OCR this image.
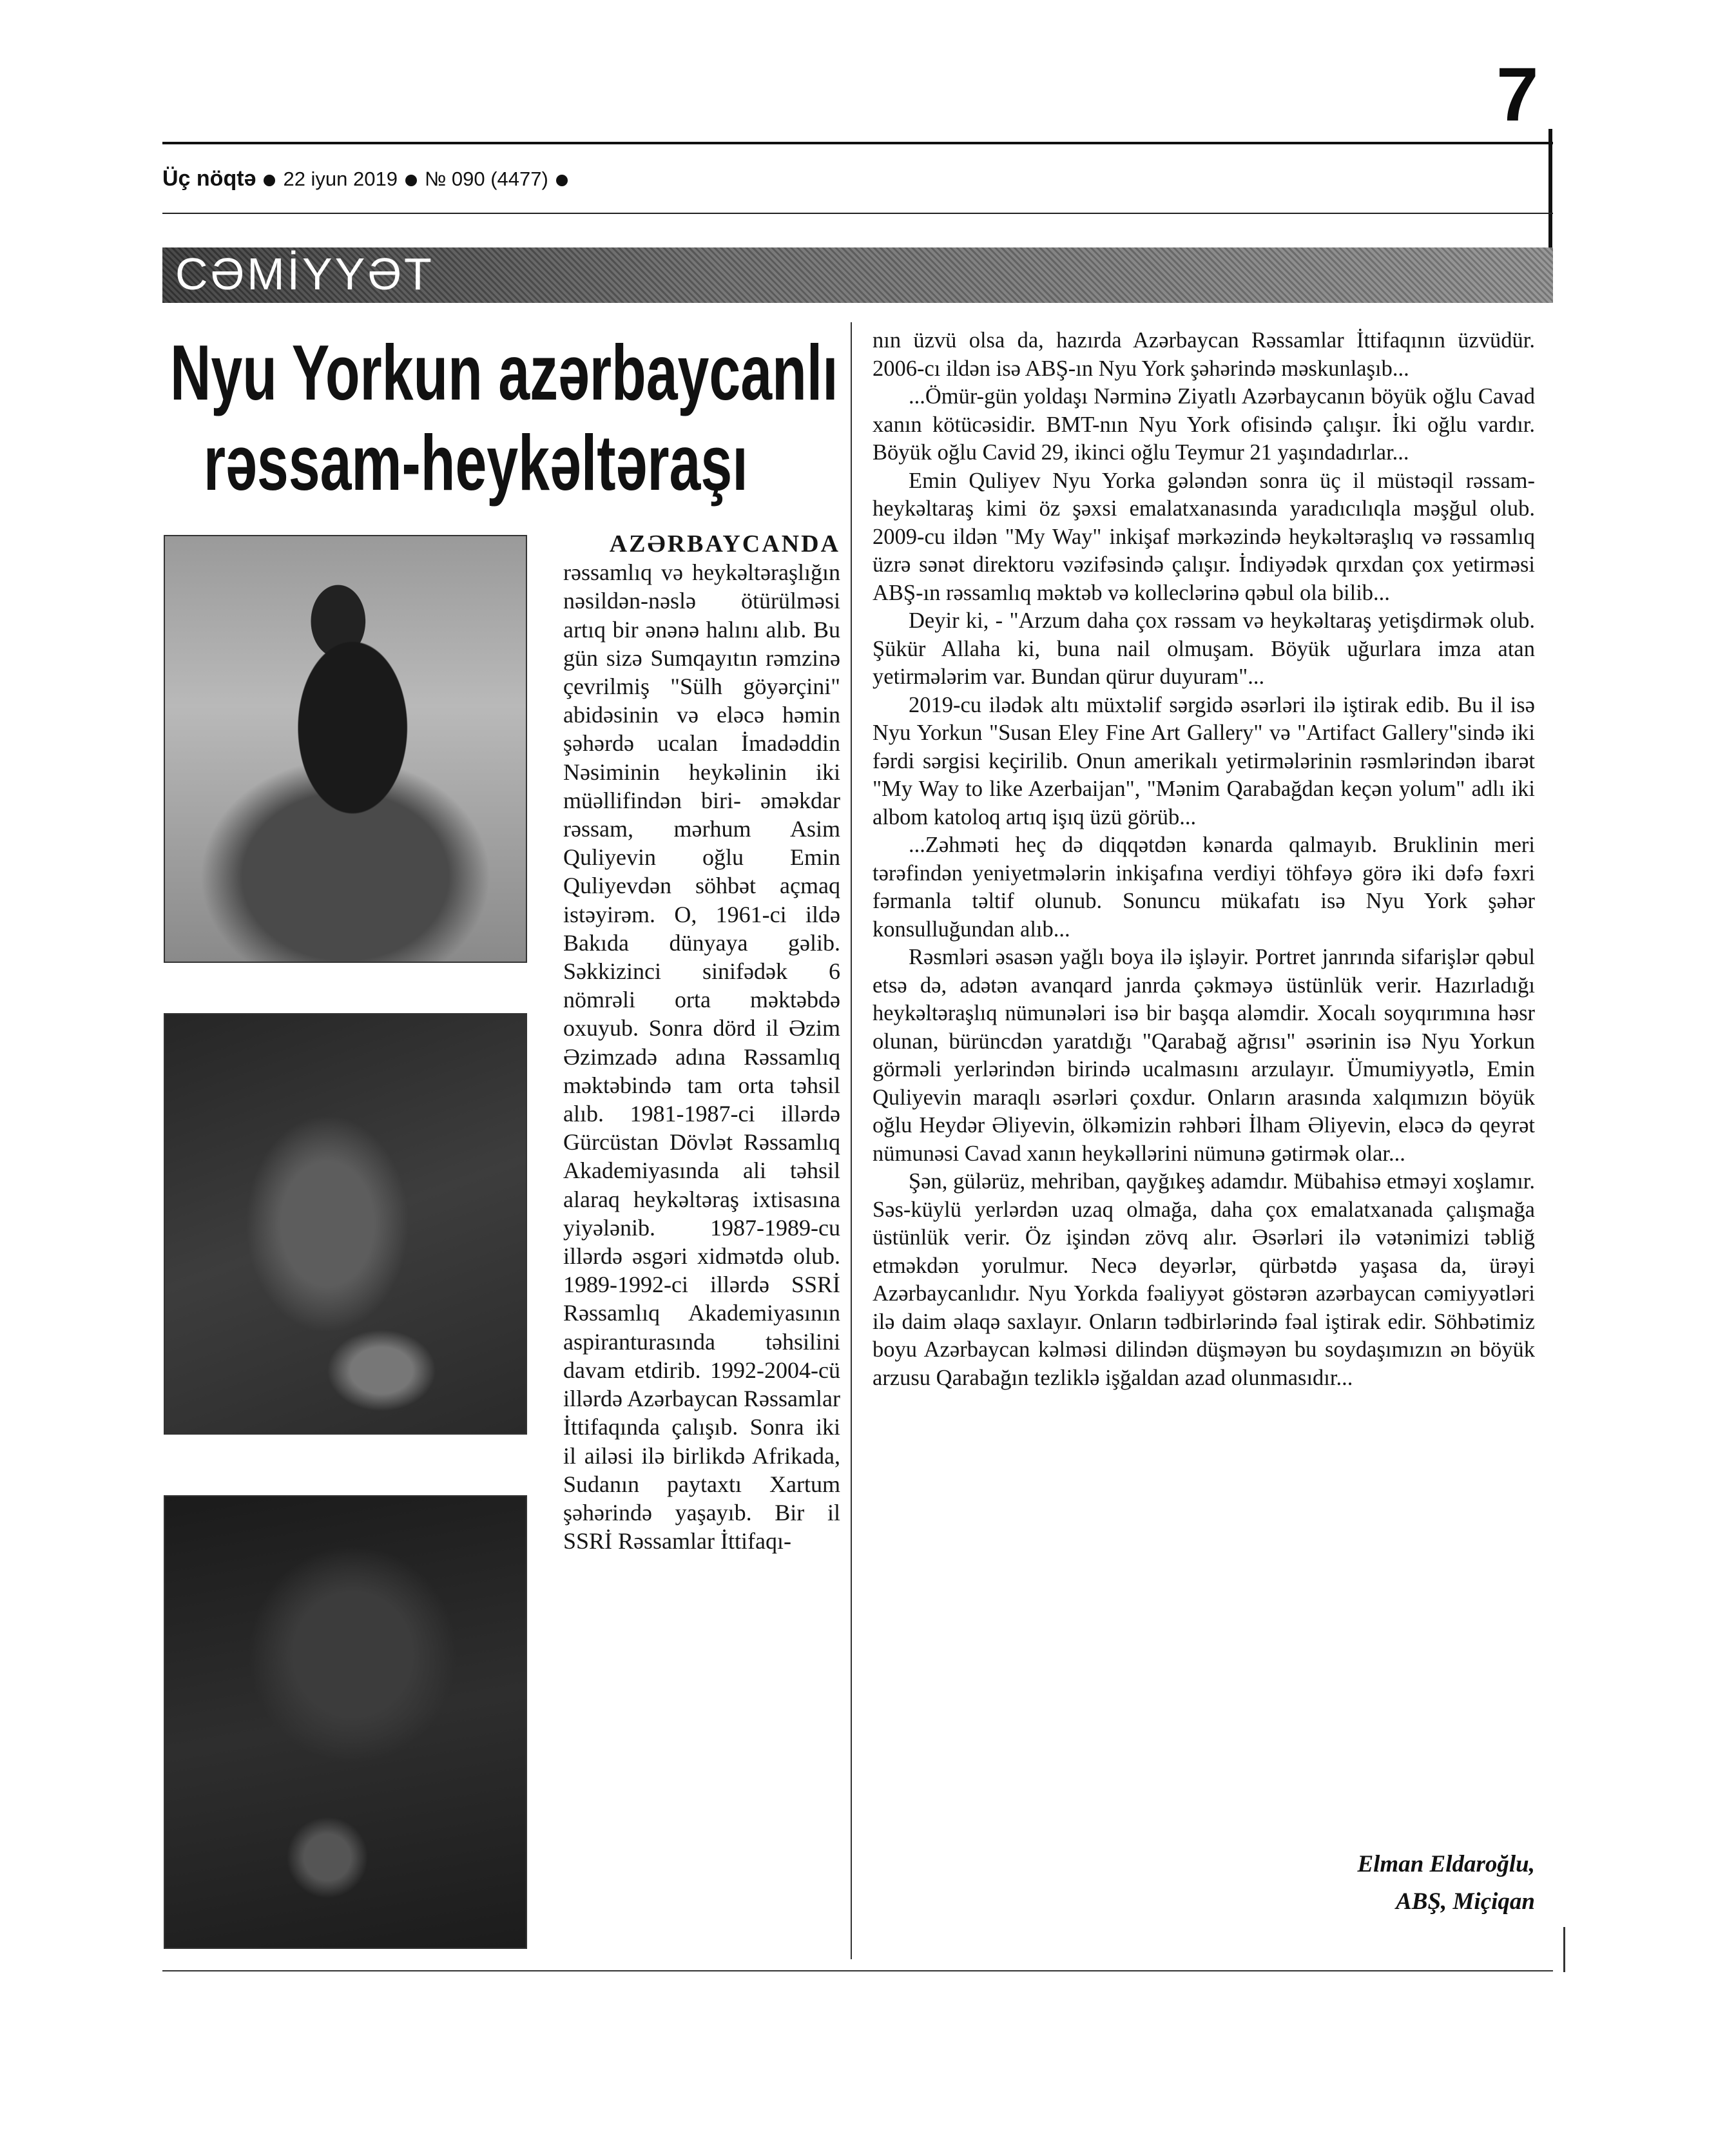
7
Üç nöqtə 22 iyun 2019 № 090 (4477)
CƏMİYYƏT
Nyu Yorkun azərbaycanlı
rəssam-heykəltəraşı
AZƏRBAYCANDA
rəssamlıq və heykəltəraşlığın nəsildən-nəslə ötürülməsi artıq bir ənənə halını alıb. Bu gün sizə Sumqayıtın rəmzinə çevrilmiş "Sülh göyərçini" abidəsinin və eləcə həmin şəhərdə ucalan İmadəddin Nəsiminin heykəlinin iki müəllifindən biri- əməkdar rəssam, mərhum Asim Quliyevin oğlu Emin Quliyevdən söhbət açmaq istəyirəm. O, 1961-ci ildə Bakıda dünyaya gəlib. Səkkizinci sinifədək 6 nömrəli orta məktəbdə oxuyub. Sonra dörd il Əzim Əzimzadə adına Rəssamlıq məktəbində tam orta təhsil alıb. 1981-1987-ci illərdə Gürcüstan Dövlət Rəssamlıq Akademiyasında ali təhsil alaraq heykəltəraş ixtisasına yiyələnib. 1987-1989-cu illərdə əsgəri xidmətdə olub. 1989-1992-ci illərdə SSRİ Rəssamlıq Akademiyasının aspiranturasında təhsilini davam etdirib. 1992-2004-cü illərdə Azərbaycan Rəssamlar İttifaqında çalışıb. Sonra iki il ailəsi ilə birlikdə Afrikada, Sudanın paytaxtı Xartum şəhərində yaşayıb. Bir il SSRİ Rəssamlar İttifaqı-

nın üzvü olsa da, hazırda Azərbaycan Rəssamlar İttifaqının üzvüdür. 2006-cı ildən isə ABŞ-ın Nyu York şəhərində məskunlaşıb...

...Ömür-gün yoldaşı Nərminə Ziyatlı Azərbaycanın böyük oğlu Cavad xanın kötücəsidir. BMT-nın Nyu York ofisində çalışır. İki oğlu vardır. Böyük oğlu Cavid 29, ikinci oğlu Teymur 21 yaşındadırlar...

Emin Quliyev Nyu Yorka gələndən sonra üç il müstəqil rəssam-heykəltaraş kimi öz şəxsi emalatxanasında yaradıcılıqla məşğul olub. 2009-cu ildən "My Way" inkişaf mərkəzində heykəltəraşlıq və rəssamlıq üzrə sənət direktoru vəzifəsində çalışır. İndiyədək qırxdan çox yetirməsi ABŞ-ın rəssamlıq məktəb və kolleclərinə qəbul ola bilib...

Deyir ki, - "Arzum daha çox rəssam və heykəltaraş yetişdirmək olub. Şükür Allaha ki, buna nail olmuşam. Böyük uğurlara imza atan yetirmələrim var. Bundan qürur duyuram"...

2019-cu ilədək altı müxtəlif sərgidə əsərləri ilə iştirak edib. Bu il isə Nyu Yorkun "Susan Eley Fine Art Gallery" və "Artifact Gallery"sində iki fərdi sərgisi keçirilib. Onun amerikalı yetirmələrinin rəsmlərindən ibarət "My Way to like Azerbaijan", "Mənim Qarabağdan keçən yolum" adlı iki albom katoloq artıq işıq üzü görüb...

...Zəhməti heç də diqqətdən kənarda qalmayıb. Bruklinin meri tərəfindən yeniyetmələrin inkişafına verdiyi töhfəyə görə iki dəfə fəxri fərmanla təltif olunub. Sonuncu mükafatı isə Nyu York şəhər konsulluğundan alıb...

Rəsmləri əsasən yağlı boya ilə işləyir. Portret janrında sifarişlər qəbul etsə də, adətən avanqard janrda çəkməyə üstünlük verir. Hazırladığı heykəltəraşlıq nümunələri isə bir başqa aləmdir. Xocalı soyqırımına həsr olunan, bürüncdən yaratdığı "Qarabağ ağrısı" əsərinin isə Nyu Yorkun görməli yerlərindən birində ucalmasını arzulayır. Ümumiyyətlə, Emin Quliyevin maraqlı əsərləri çoxdur. Onların arasında xalqımızın böyük oğlu Heydər Əliyevin, ölkəmizin rəhbəri İlham Əliyevin, eləcə də qeyrət nümunəsi Cavad xanın heykəllərini nümunə gətirmək olar...

Şən, gülərüz, mehriban, qayğıkeş adamdır. Mübahisə etməyi xoşlamır. Səs-küylü yerlərdən uzaq olmağa, daha çox emalatxanada çalışmağa üstünlük verir. Öz işindən zövq alır. Əsərləri ilə vətənimizi təbliğ etməkdən yorulmur. Necə deyərlər, qürbətdə yaşasa da, ürəyi Azərbaycanlıdır. Nyu Yorkda fəaliyyət göstərən azərbaycan cəmiyyətləri ilə daim əlaqə saxlayır. Onların tədbirlərində fəal iştirak edir. Söhbətimiz boyu Azərbaycan kəlməsi dilindən düşməyən bu soydaşımızın ən böyük arzusu Qarabağın tezliklə işğaldan azad olunmasıdır...

Elman Eldaroğlu,
ABŞ, Miçiqan
